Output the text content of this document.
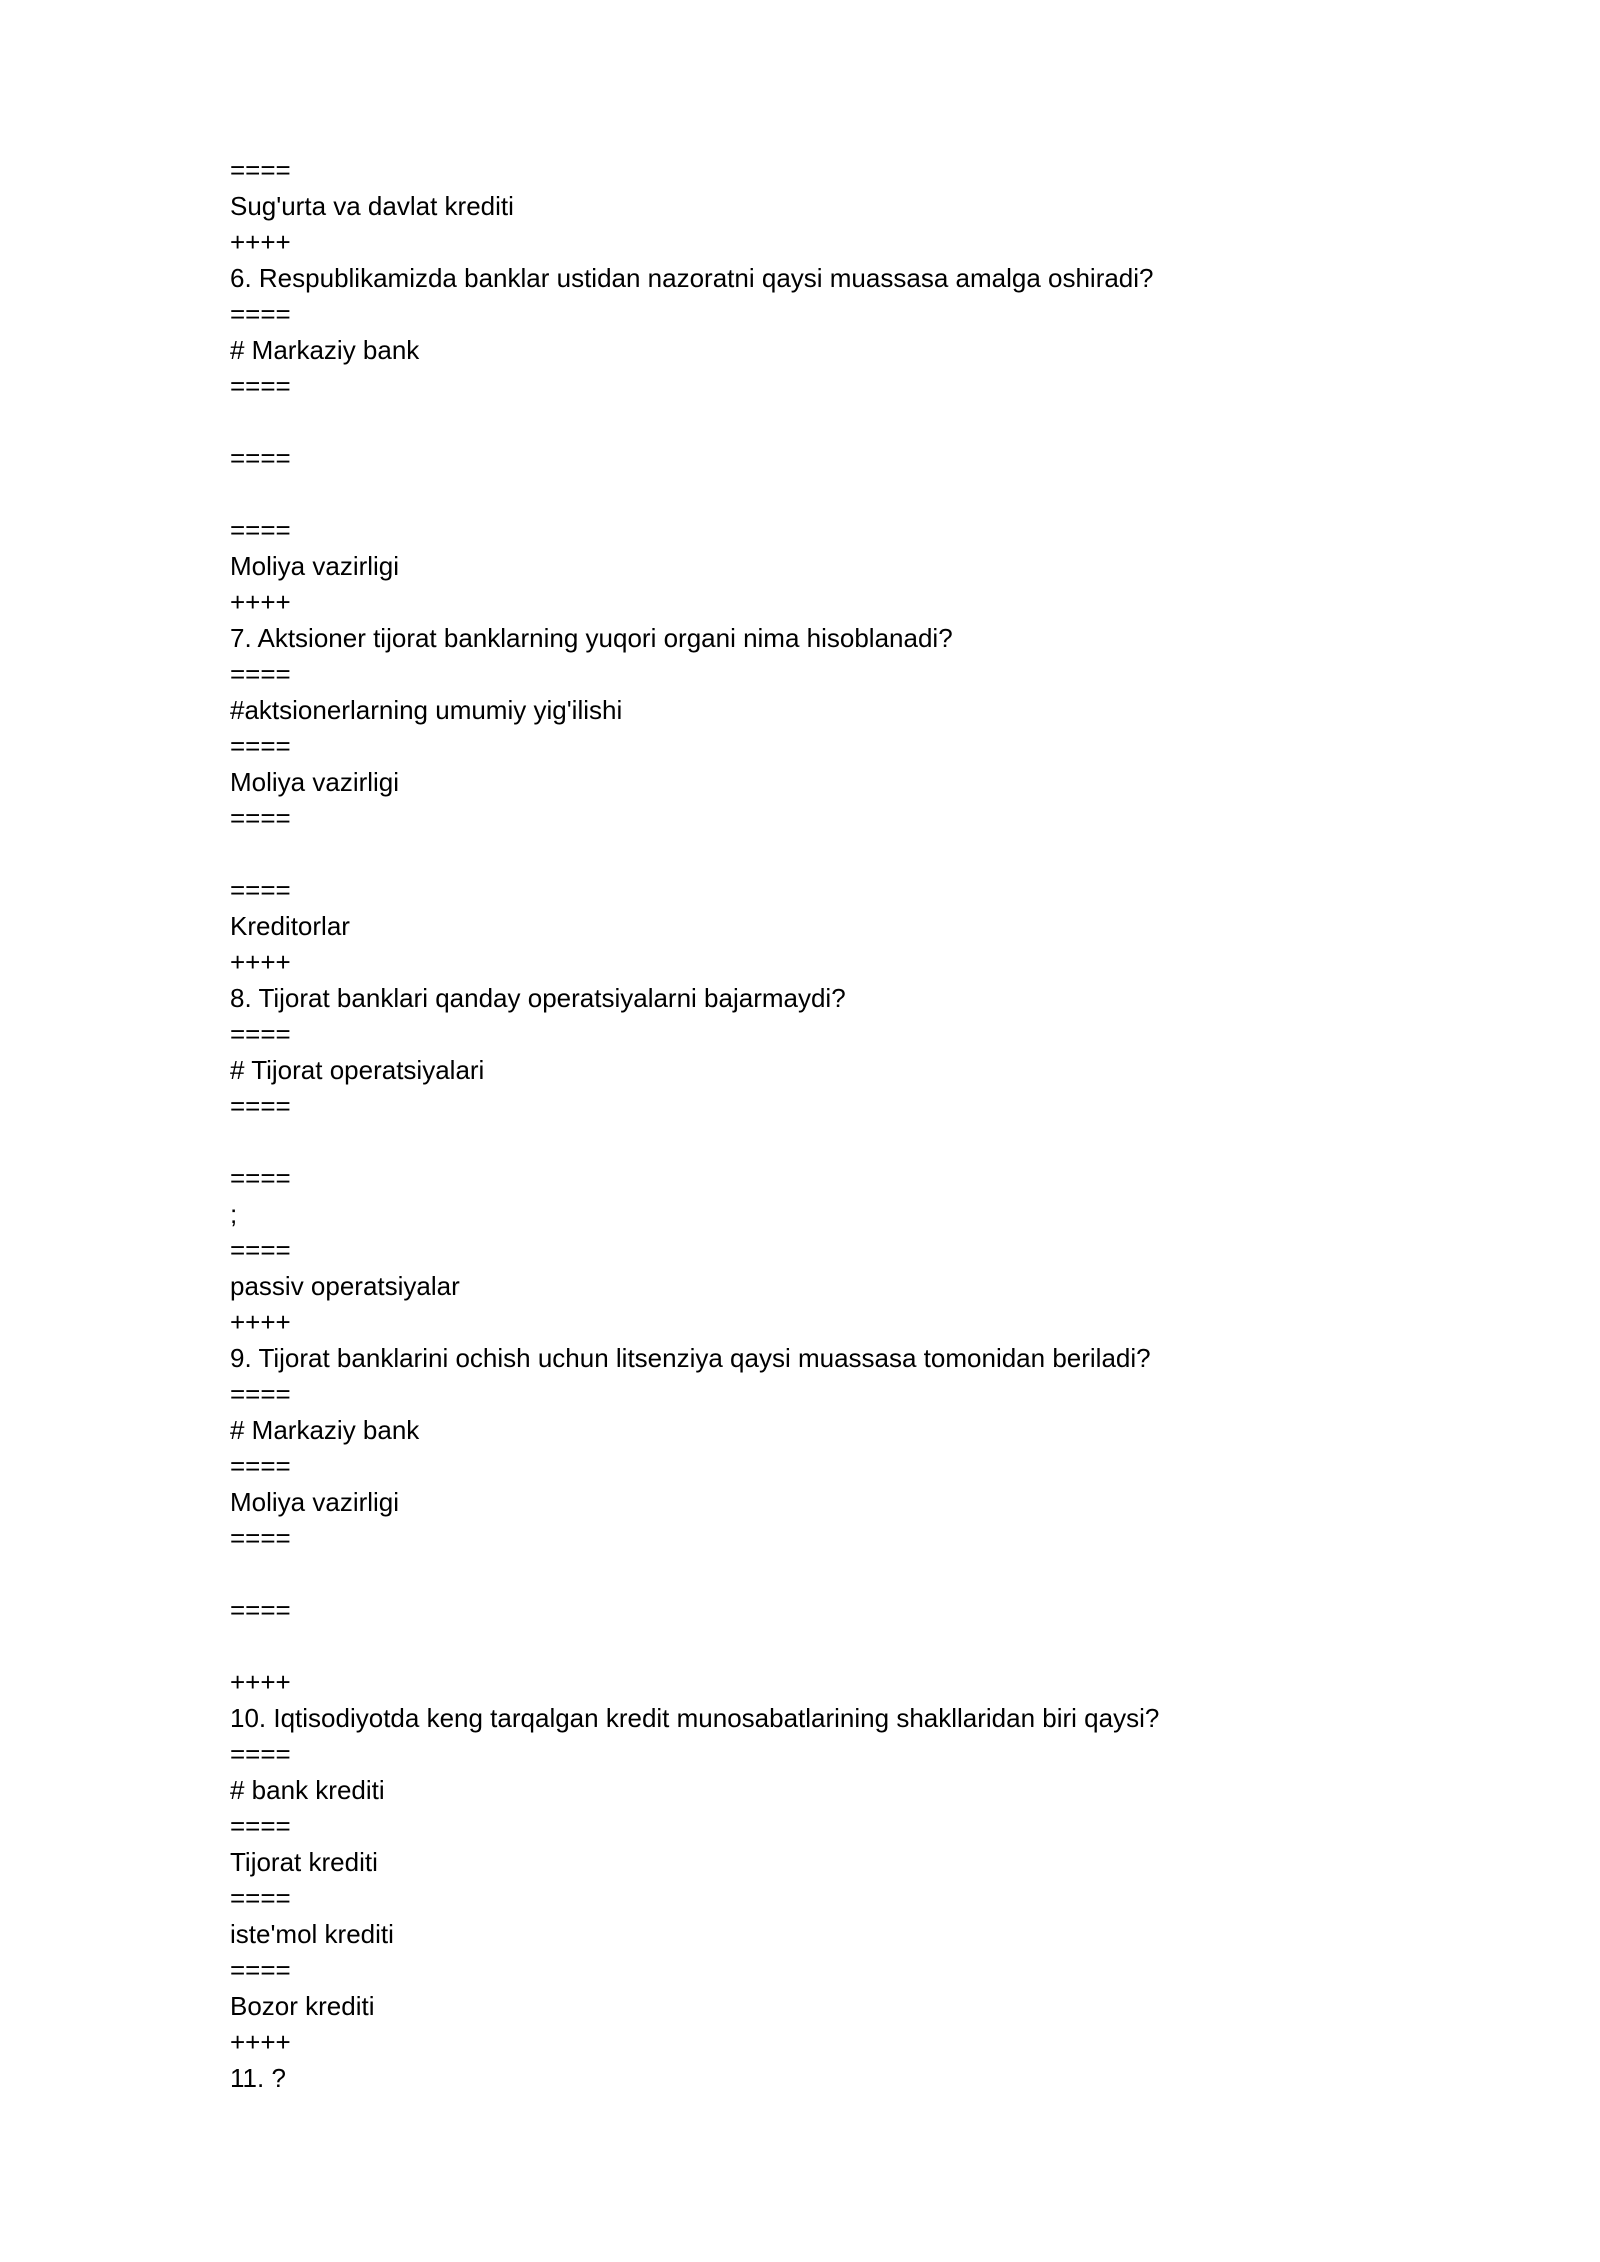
====
Sug'urta va davlat krediti
++++
6. Respublikamizda banklar ustidan nazoratni qaysi muassasa amalga oshiradi?
====
# Markaziy bank
====
====
====
Moliya vazirligi
++++
7. Aktsioner tijorat banklarning yuqori organi nima hisoblanadi?
====
#aktsionerlarning umumiy yig'ilishi
====
Moliya vazirligi
====
====
Kreditorlar
++++
8. Tijorat banklari qanday operatsiyalarni bajarmaydi?
====
# Tijorat operatsiyalari
====
====
;
====
passiv operatsiyalar
++++
9. Tijorat banklarini ochish uchun litsenziya qaysi muassasa tomonidan beriladi?
====
# Markaziy bank
====
Moliya vazirligi
====
====
++++
10. Iqtisodiyotda keng tarqalgan kredit munosabatlarining shakllaridan biri qaysi?
====
# bank krediti
====
Tijorat krediti
====
iste'mol krediti
====
Bozor krediti
++++
11. ?
